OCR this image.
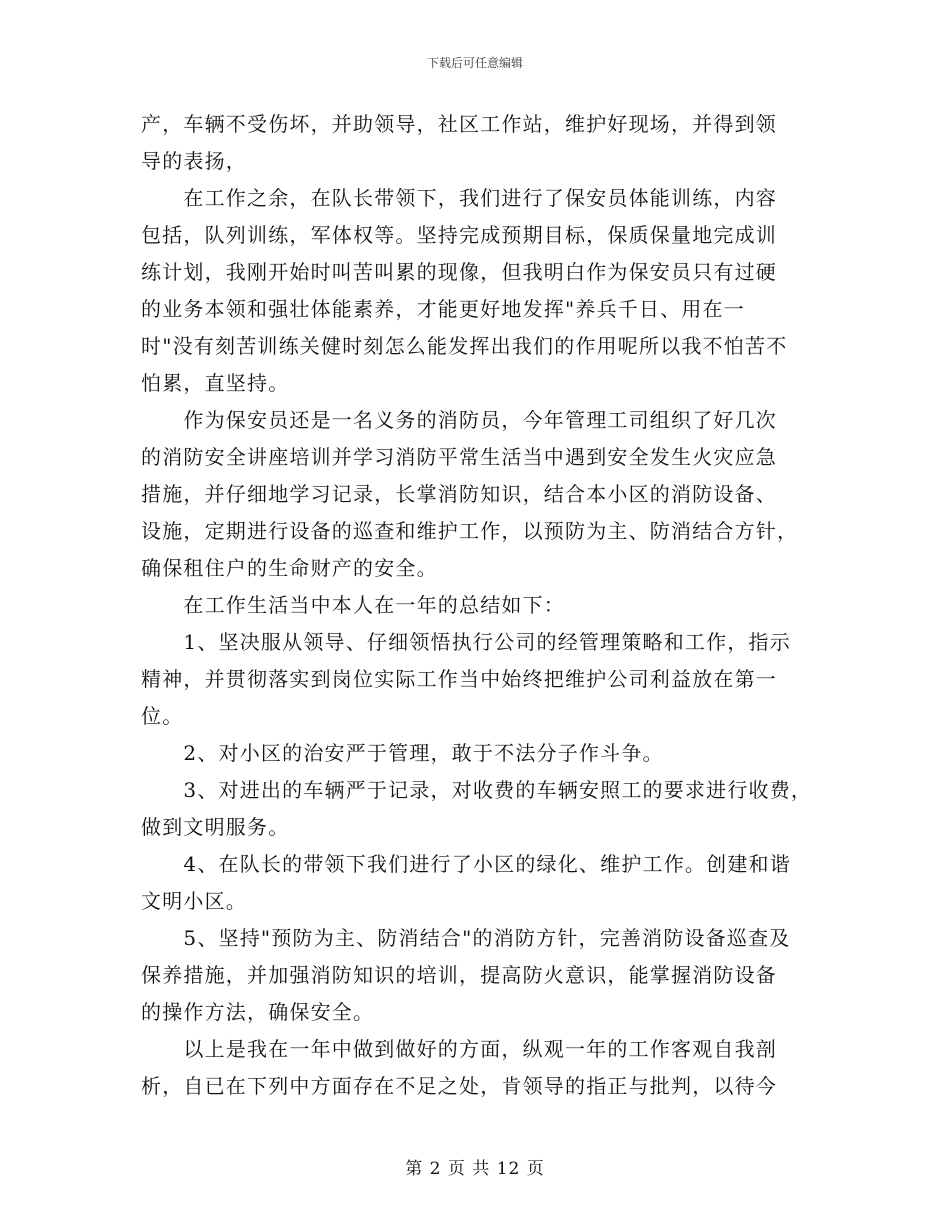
下载后可任意编辑
产，车辆不受伤坏，并助领导，社区工作站，维护好现场，并得到领
导的表扬，
　　在工作之余，在队长带领下，我们进行了保安员体能训练，内容
包括，队列训练，军体权等。坚持完成预期目标，保质保量地完成训
练计划，我刚开始时叫苦叫累的现像，但我明白作为保安员只有过硬
的业务本领和强壮体能素养，才能更好地发挥"养兵千日、用在一
时"没有刻苦训练关健时刻怎么能发挥出我们的作用呢所以我不怕苦不
怕累，直坚持。
　　作为保安员还是一名义务的消防员，今年管理工司组织了好几次
的消防安全讲座培训并学习消防平常生活当中遇到安全发生火灾应急
措施，并仔细地学习记录，长掌消防知识，结合本小区的消防设备、
设施，定期进行设备的巡查和维护工作，以预防为主、防消结合方针，
确保租住户的生命财产的安全。
　　在工作生活当中本人在一年的总结如下：
　　1、坚决服从领导、仔细领悟执行公司的经管理策略和工作，指示
精神，并贯彻落实到岗位实际工作当中始终把维护公司利益放在第一
位。
　　2、对小区的治安严于管理，敢于不法分子作斗争。
　　3、对进出的车辆严于记录，对收费的车辆安照工的要求进行收费，
做到文明服务。
　　4、在队长的带领下我们进行了小区的绿化、维护工作。创建和谐
文明小区。
　　5、坚持"预防为主、防消结合"的消防方针，完善消防设备巡查及
保养措施，并加强消防知识的培训，提高防火意识，能掌握消防设备
的操作方法，确保安全。
　　以上是我在一年中做到做好的方面，纵观一年的工作客观自我剖
析，自已在下列中方面存在不足之处，肯领导的指正与批判，以待今
第 2 页 共 12 页
